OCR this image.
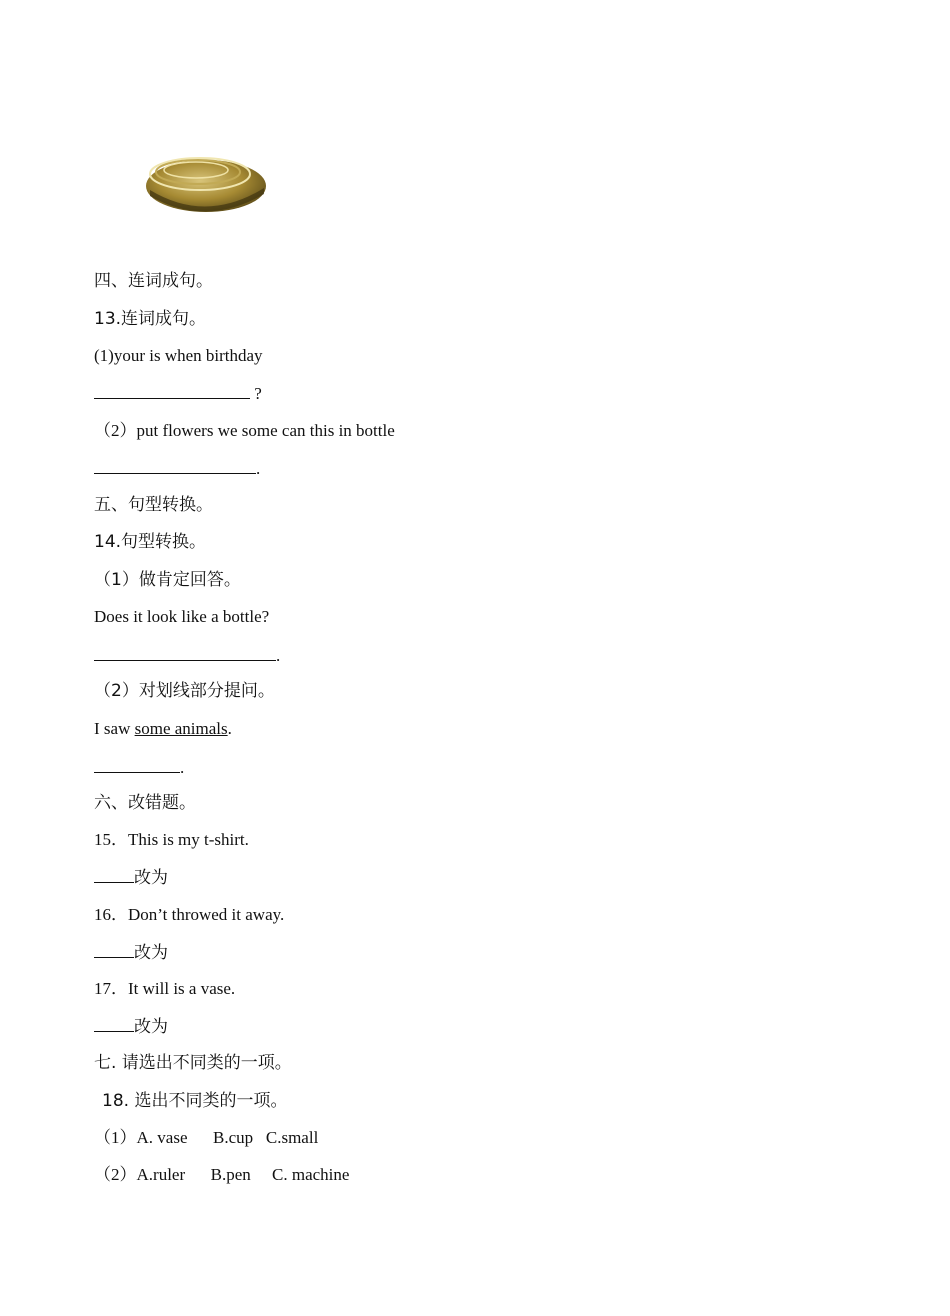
四、连词成句。
13.连词成句。
(1)your is when birthday
?
（2）put flowers we some can this in bottle
.
五、句型转换。
14.句型转换。
（1）做肯定回答。
Does it look like a bottle?
.
（2）对划线部分提问。
I saw some animals.
.
六、改错题。
15．This is my t-shirt.
改为
16．Don’t throwed it away.
改为
17．It will is a vase.
改为
七. 请选出不同类的一项。
18. 选出不同类的一项。
（1）A. vase      B.cup   C.small
（2）A.ruler      B.pen     C. machine
